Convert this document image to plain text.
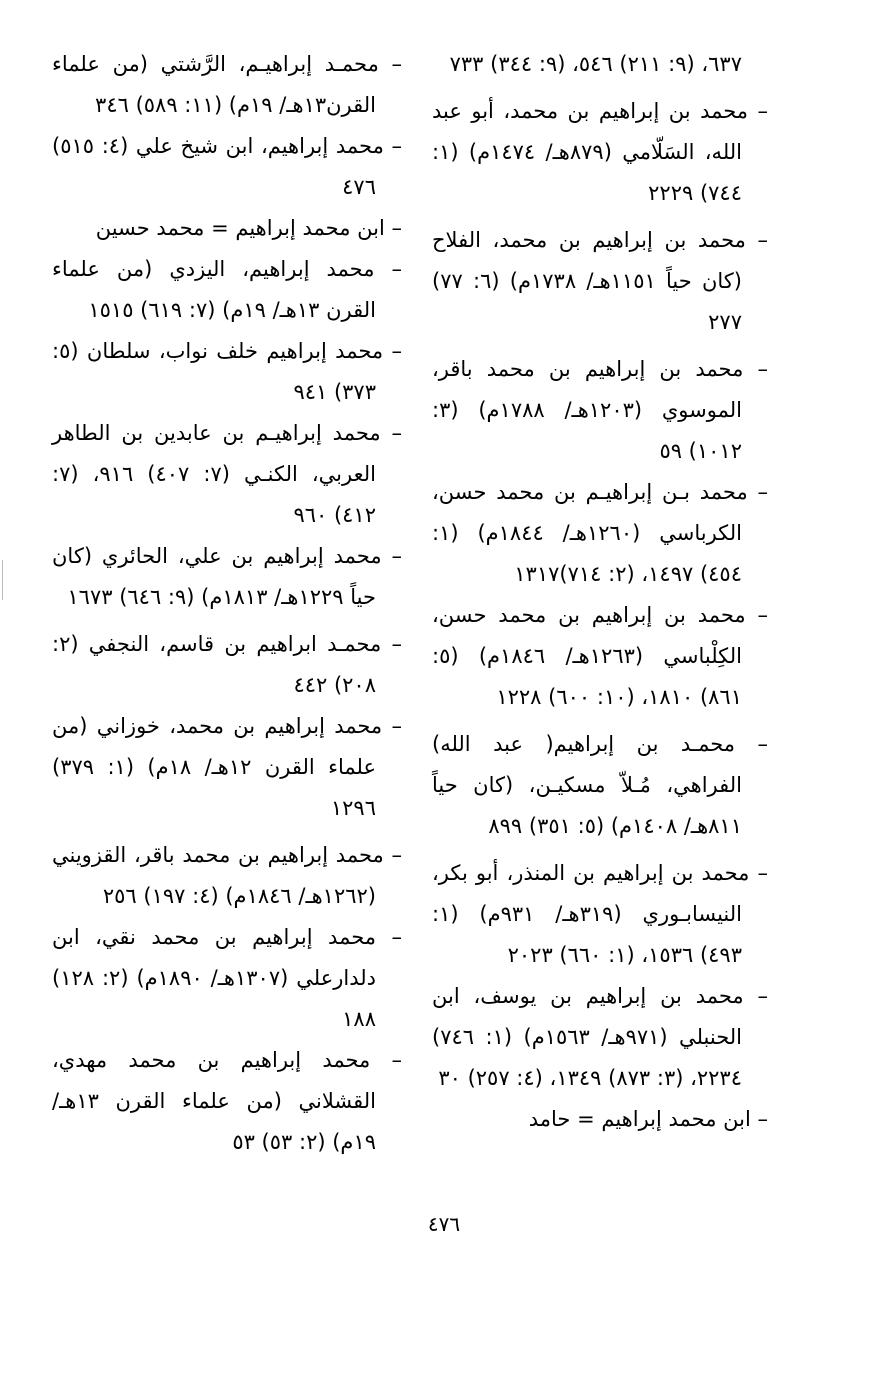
٦٣٧، (٩: ٢١١) ٥٤٦، (٩: ٣٤٤) ٧٣٣

– محمد بن إبراهيم بن محمد، أبو عبد الله، السَلّامي (٨٧٩هـ/ ١٤٧٤م) (١: ٧٤٤) ٢٢٢٩

– محمد بن إبراهيم بن محمد، الفلاح (كان حياً ١١٥١هـ/ ١٧٣٨م) (٦: ٧٧) ٢٧٧

– محمد بن إبراهيم بن محمد باقر، الموسوي (١٢٠٣هـ/ ١٧٨٨م) (٣: ١٠١٢) ٥٩

– محمد بـن إبراهيـم بن محمد حسن، الكرباسي (١٢٦٠هـ/ ١٨٤٤م) (١: ٤٥٤) ١٤٩٧، (٢: ٧١٤)١٣١٧

– محمد بن إبراهيم بن محمد حسن، الكِلْباسي (١٢٦٣هـ/ ١٨٤٦م) (٥: ٨٦١) ١٨١٠، (١٠: ٦٠٠) ١٢٢٨

– محمـد بن إبراهيم( عبد الله) الفراهي، مُـلاّ مسكيـن، (كان حياً ٨١١هـ/ ١٤٠٨م) (٥: ٣٥١) ٨٩٩

– محمد بن إبراهيم بن المنذر، أبو بكر، النيسابـوري (٣١٩هـ/ ٩٣١م) (١: ٤٩٣) ١٥٣٦، (١: ٦٦٠) ٢٠٢٣

– محمد بن إبراهيم بن يوسف، ابن الحنبلي (٩٧١هـ/ ١٥٦٣م) (١: ٧٤٦) ٢٢٣٤، (٣: ٨٧٣) ١٣٤٩، (٤: ٢٥٧) ٣٠

– ابن محمد إبراهيم = حامد

– محمـد إبراهيـم، الرَّشتي (من علماء القرن١٣هـ/ ١٩م) (١١: ٥٨٩) ٣٤٦

– محمد إبراهيم، ابن شيخ علي (٤: ٥١٥) ٤٧٦

– ابن محمد إبراهيم = محمد حسين

– محمد إبراهيم، اليزدي (من علماء القرن ١٣هـ/ ١٩م) (٧: ٦١٩) ١٥١٥

– محمد إبراهيم خلف نواب، سلطان (٥: ٣٧٣) ٩٤١

– محمد إبراهيـم بن عابدين بن الطاهر العربي، الكنـي (٧: ٤٠٧) ٩١٦، (٧: ٤١٢) ٩٦٠

– محمد إبراهيم بن علي، الحائري (كان حياً ١٢٢٩هـ/ ١٨١٣م) (٩: ٦٤٦) ١٦٧٣

– محمـد ابراهيم بن قاسم، النجفي (٢: ٢٠٨) ٤٤٢

– محمد إبراهيم بن محمد، خوزاني (من علماء القرن ١٢هـ/ ١٨م) (١: ٣٧٩) ١٢٩٦

– محمد إبراهيم بن محمد باقر، القزويني (١٢٦٢هـ/ ١٨٤٦م) (٤: ١٩٧) ٢٥٦

– محمد إبراهيم بن محمد نقي، ابن دلدارعلي (١٣٠٧هـ/ ١٨٩٠م) (٢: ١٢٨) ١٨٨

– محمد إبراهيم بن محمد مهدي، القشلاني (من علماء القرن ١٣هـ/ ١٩م) (٢: ٥٣) ٥٣

٤٧٦
